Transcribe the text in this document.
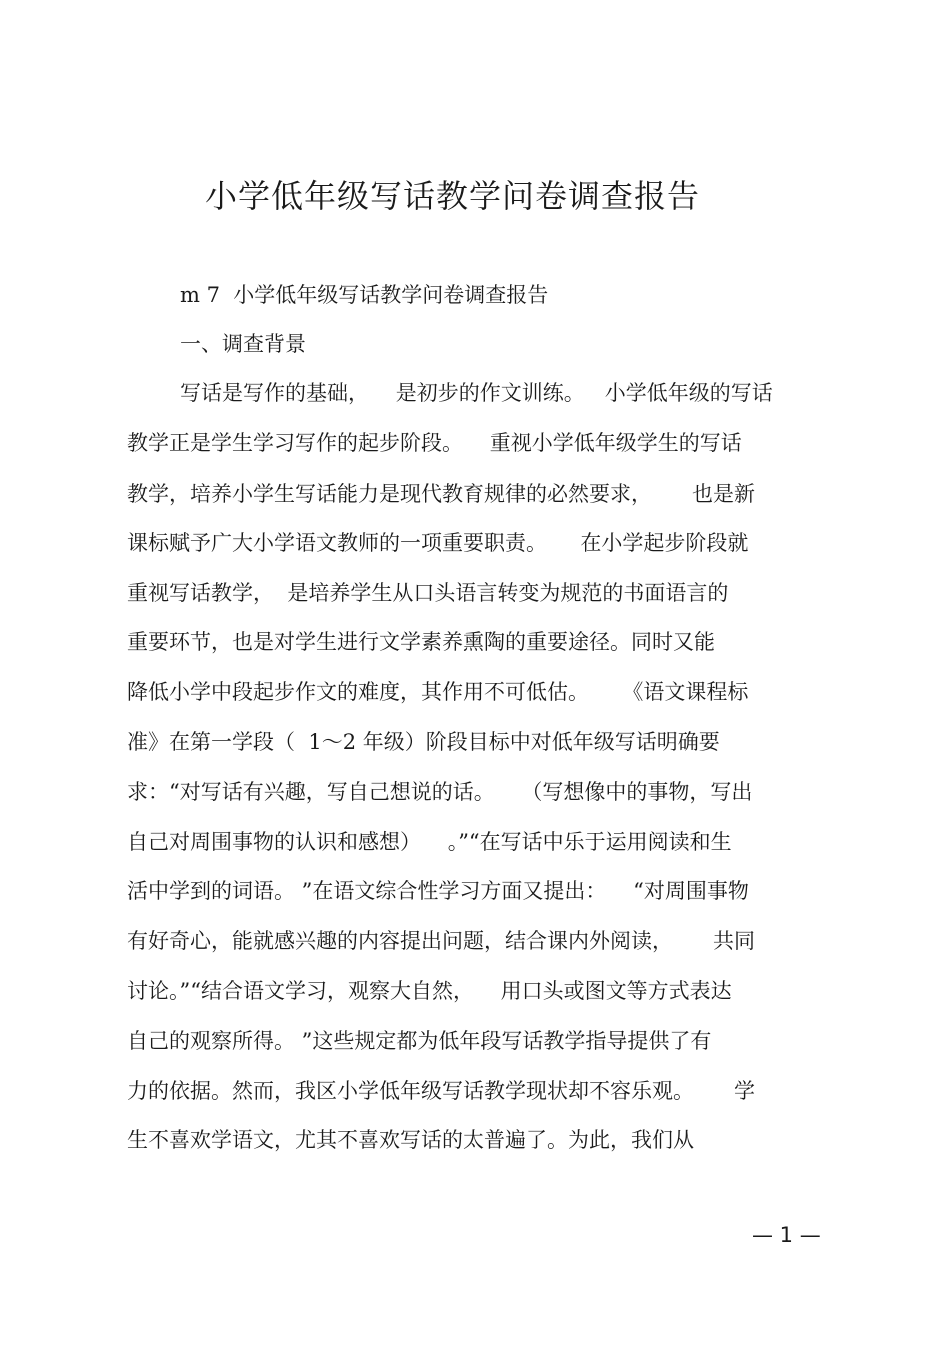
小学低年级写话教学问卷调查报告
m 7  小学低年级写话教学问卷调查报告
一、调查背景
写话是写作的基础，    是初步的作文训练。   小学低年级的写话
教学正是学生学习写作的起步阶段。    重视小学低年级学生的写话
教学，培养小学生写话能力是现代教育规律的必然要求，      也是新
课标赋予广大小学语文教师的一项重要职责。     在小学起步阶段就
重视写话教学，  是培养学生从口头语言转变为规范的书面语言的
重要环节，也是对学生进行文学素养熏陶的重要途径。同时又能
降低小学中段起步作文的难度，其作用不可低估。     《语文课程标
准》在第一学段（  1～2 年级）阶段目标中对低年级写话明确要
求：“对写话有兴趣，写自己想说的话。    （写想像中的事物，写出
自己对周围事物的认识和感想）    。”“在写话中乐于运用阅读和生
活中学到的词语。 ”在语文综合性学习方面又提出：    “对周围事物
有好奇心，能就感兴趣的内容提出问题，结合课内外阅读，      共同
讨论。”“结合语文学习，观察大自然，    用口头或图文等方式表达
自己的观察所得。 ”这些规定都为低年段写话教学指导提供了有
力的依据。然而，我区小学低年级写话教学现状却不容乐观。      学
生不喜欢学语文，尤其不喜欢写话的太普遍了。为此，我们从
— 1 —
